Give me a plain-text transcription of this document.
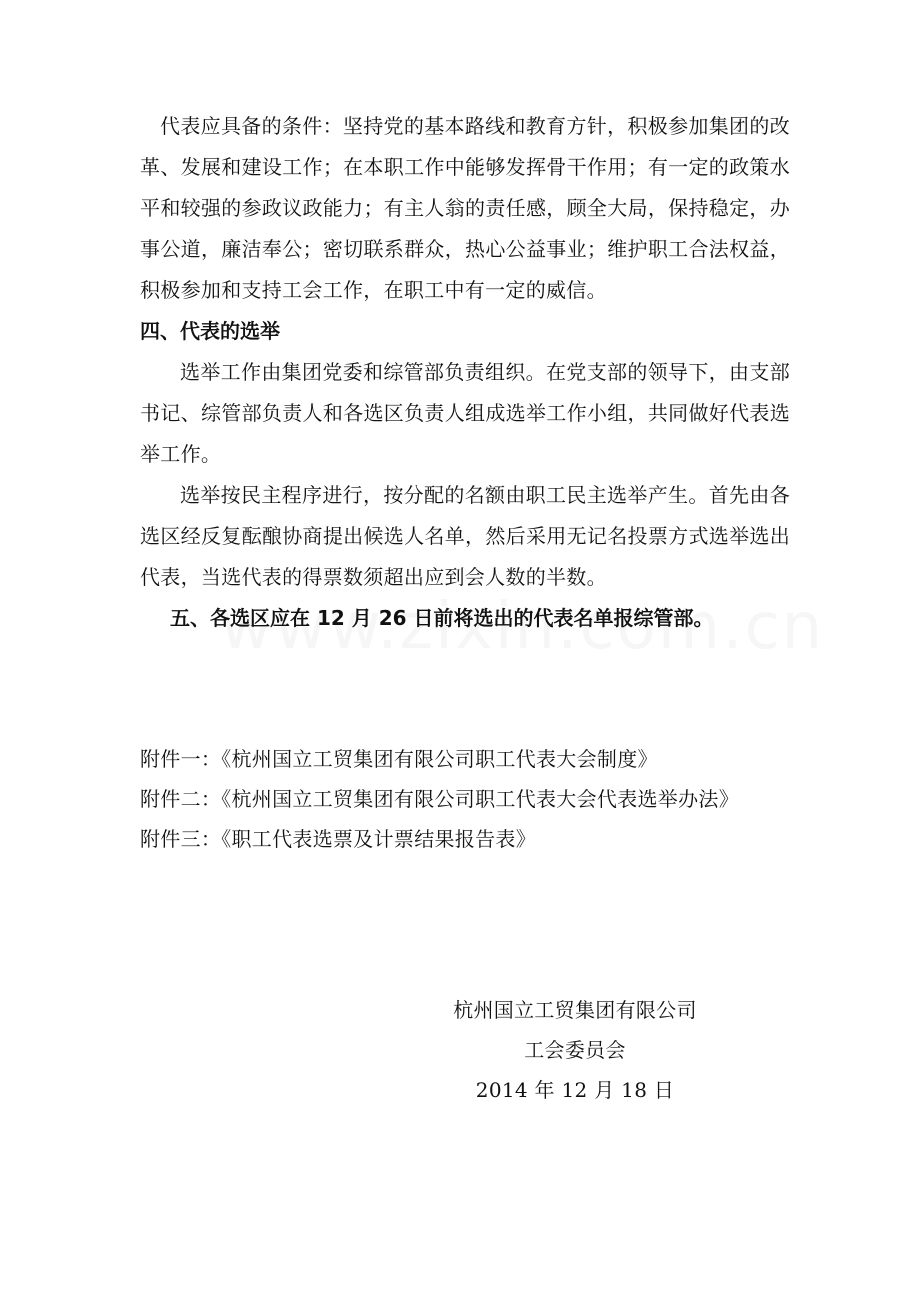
代表应具备的条件：坚持党的基本路线和教育方针，积极参加集团的改革、发展和建设工作；在本职工作中能够发挥骨干作用；有一定的政策水平和较强的参政议政能力；有主人翁的责任感，顾全大局，保持稳定，办事公道，廉洁奉公；密切联系群众，热心公益事业；维护职工合法权益，积极参加和支持工会工作，在职工中有一定的威信。

四、代表的选举

选举工作由集团党委和综管部负责组织。在党支部的领导下，由支部书记、综管部负责人和各选区负责人组成选举工作小组，共同做好代表选举工作。

选举按民主程序进行，按分配的名额由职工民主选举产生。首先由各选区经反复酝酿协商提出候选人名单，然后采用无记名投票方式选举选出代表，当选代表的得票数须超出应到会人数的半数。

五、各选区应在 12 月 26 日前将选出的代表名单报综管部。

附件一：《杭州国立工贸集团有限公司职工代表大会制度》

附件二：《杭州国立工贸集团有限公司职工代表大会代表选举办法》

附件三：《职工代表选票及计票结果报告表》

杭州国立工贸集团有限公司

工会委员会

2014 年 12 月 18 日
